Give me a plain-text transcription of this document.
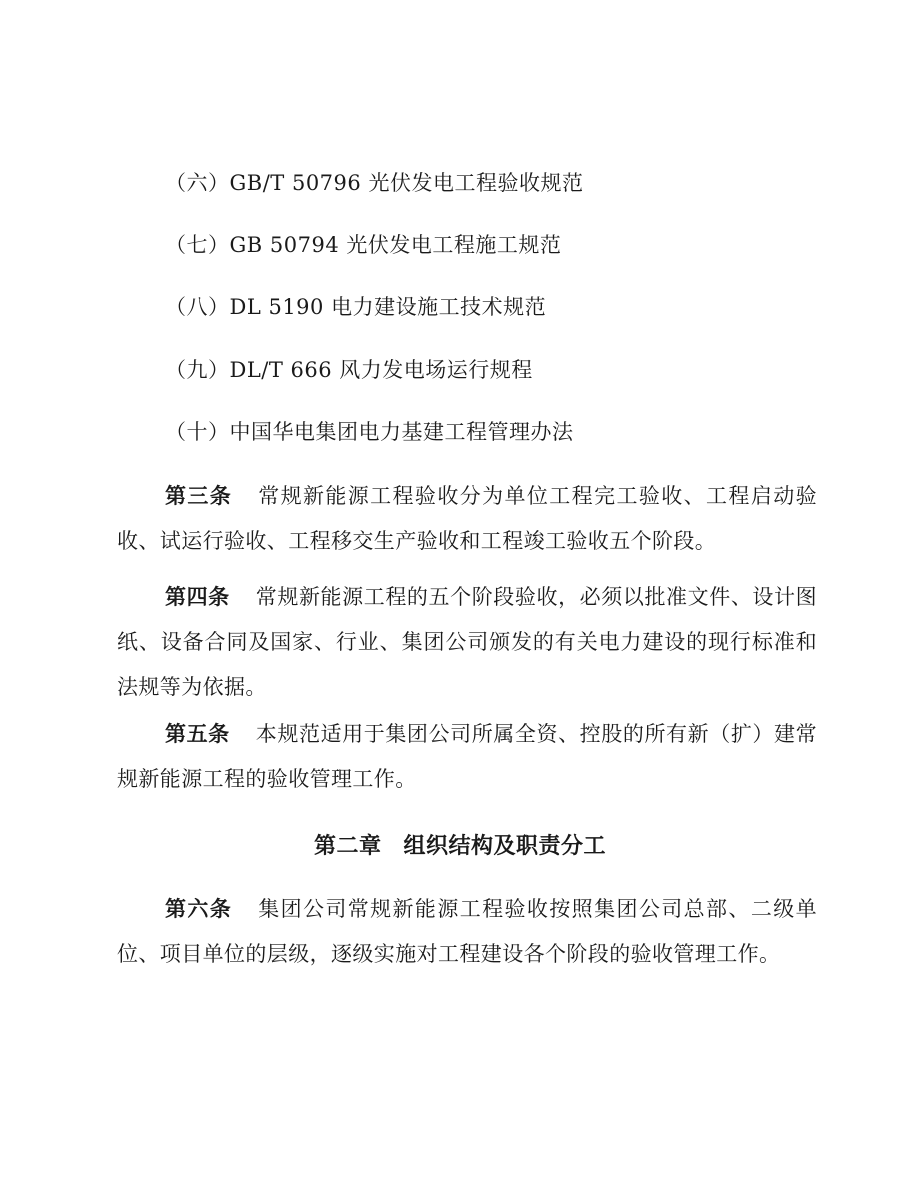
（六）GB/T 50796 光伏发电工程验收规范
（七）GB 50794 光伏发电工程施工规范
（八）DL 5190 电力建设施工技术规范
（九）DL/T 666 风力发电场运行规程
（十）中国华电集团电力基建工程管理办法
第三条 常规新能源工程验收分为单位工程完工验收、工程启动验收、试运行验收、工程移交生产验收和工程竣工验收五个阶段。
第四条 常规新能源工程的五个阶段验收，必须以批准文件、设计图纸、设备合同及国家、行业、集团公司颁发的有关电力建设的现行标准和法规等为依据。
第五条 本规范适用于集团公司所属全资、控股的所有新（扩）建常规新能源工程的验收管理工作。
第二章 组织结构及职责分工
第六条 集团公司常规新能源工程验收按照集团公司总部、二级单位、项目单位的层级，逐级实施对工程建设各个阶段的验收管理工作。
